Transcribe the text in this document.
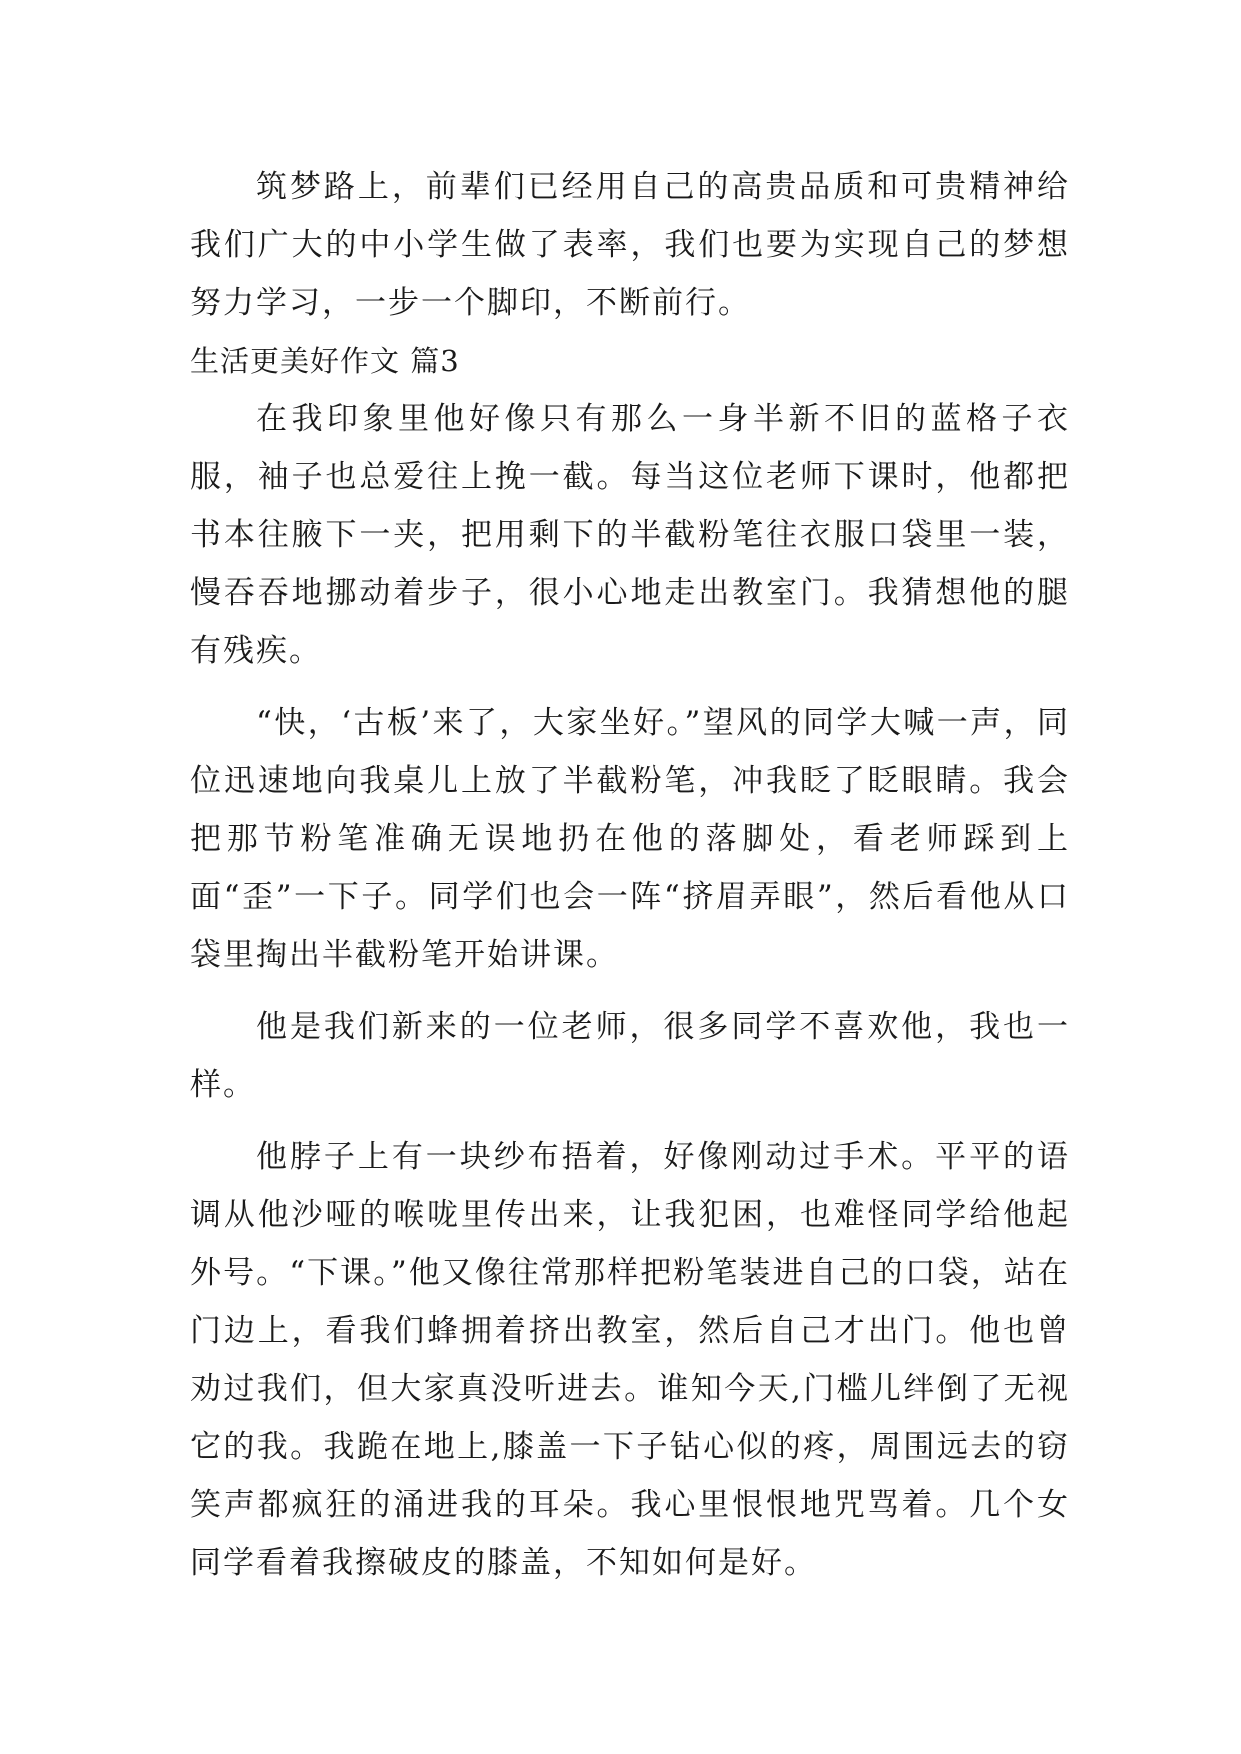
筑梦路上，前辈们已经用自己的高贵品质和可贵精神给我们广大的中小学生做了表率，我们也要为实现自己的梦想努力学习，一步一个脚印，不断前行。

生活更美好作文 篇3

在我印象里他好像只有那么一身半新不旧的蓝格子衣服，袖子也总爱往上挽一截。每当这位老师下课时，他都把书本往腋下一夹，把用剩下的半截粉笔往衣服口袋里一装，慢吞吞地挪动着步子，很小心地走出教室门。我猜想他的腿有残疾。

“快，‘古板’来了，大家坐好。”望风的同学大喊一声，同位迅速地向我桌儿上放了半截粉笔，冲我眨了眨眼睛。我会把那节粉笔准确无误地扔在他的落脚处，看老师踩到上面“歪”一下子。同学们也会一阵“挤眉弄眼”，然后看他从口袋里掏出半截粉笔开始讲课。

他是我们新来的一位老师，很多同学不喜欢他，我也一样。

他脖子上有一块纱布捂着，好像刚动过手术。平平的语调从他沙哑的喉咙里传出来，让我犯困，也难怪同学给他起外号。“下课。”他又像往常那样把粉笔装进自己的口袋，站在门边上，看我们蜂拥着挤出教室，然后自己才出门。他也曾劝过我们，但大家真没听进去。谁知今天,门槛儿绊倒了无视它的我。我跪在地上,膝盖一下子钻心似的疼，周围远去的窃笑声都疯狂的涌进我的耳朵。我心里恨恨地咒骂着。几个女同学看着我擦破皮的膝盖，不知如何是好。
